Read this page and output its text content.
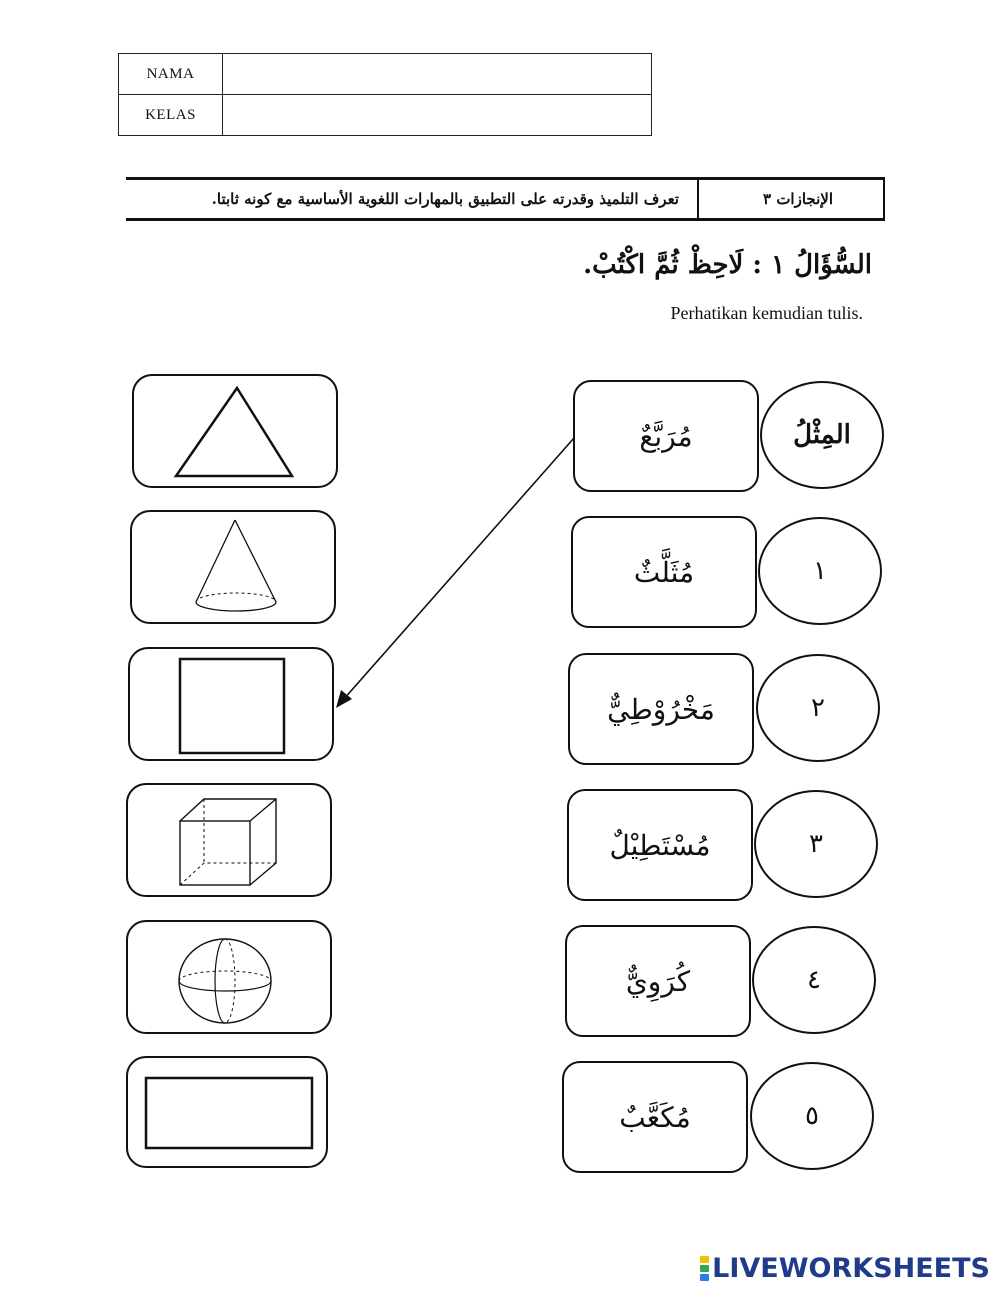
NAMA	
KELAS	
الإنجازات ٣
تعرف التلميذ وقدرته على التطبيق بالمهارات اللغوية الأساسية مع كونه ثابتا.
السُّؤَالُ ١ : لَاحِظْ ثُمَّ اكْتُبْ.
Perhatikan kemudian tulis.
مُرَبَّعٌ	المِثْلُ
مُثَلَّثٌ	١
مَخْرُوْطِيٌّ	٢
مُسْتَطِيْلٌ	٣
كُرَوِيٌّ	٤
مُكَعَّبٌ	٥
LIVEWORKSHEETS
